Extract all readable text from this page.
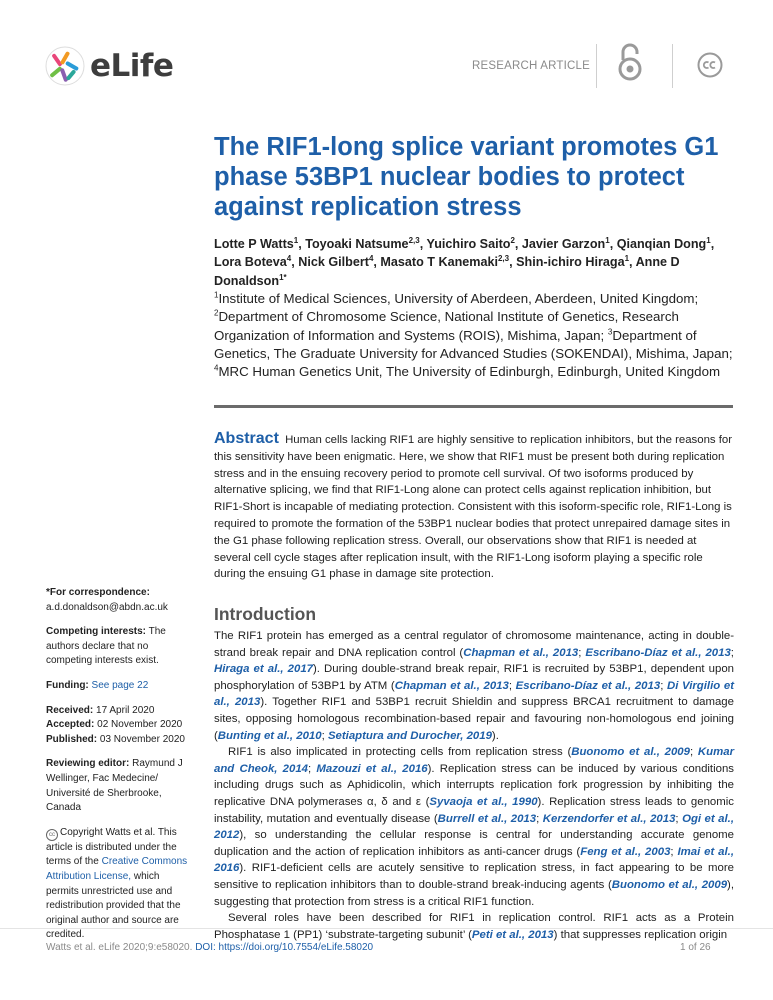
eLife	RESEARCH ARTICLE
The RIF1-long splice variant promotes G1 phase 53BP1 nuclear bodies to protect against replication stress
Lotte P Watts$^1$, Toyoaki Natsume$^{2,3}$, Yuichiro Saito$^2$, Javier Garzon$^1$, Qianqian Dong$^1$, Lora Boteva$^4$, Nick Gilbert$^4$, Masato T Kanemaki$^{2,3}$, Shin-ichiro Hiraga$^1$, Anne D Donaldson$^{1*}$
$^1$Institute of Medical Sciences, University of Aberdeen, Aberdeen, United Kingdom; $^2$Department of Chromosome Science, National Institute of Genetics, Research Organization of Information and Systems (ROIS), Mishima, Japan; $^3$Department of Genetics, The Graduate University for Advanced Studies (SOKENDAI), Mishima, Japan; $^4$MRC Human Genetics Unit, The University of Edinburgh, Edinburgh, United Kingdom
Abstract Human cells lacking RIF1 are highly sensitive to replication inhibitors, but the reasons for this sensitivity have been enigmatic. Here, we show that RIF1 must be present both during replication stress and in the ensuing recovery period to promote cell survival. Of two isoforms produced by alternative splicing, we find that RIF1-Long alone can protect cells against replication inhibition, but RIF1-Short is incapable of mediating protection. Consistent with this isoform-specific role, RIF1-Long is required to promote the formation of the 53BP1 nuclear bodies that protect unrepaired damage sites in the G1 phase following replication stress. Overall, our observations show that RIF1 is needed at several cell cycle stages after replication insult, with the RIF1-Long isoform playing a specific role during the ensuing G1 phase in damage site protection.
*For correspondence:
a.d.donaldson@abdn.ac.uk
Competing interests: The authors declare that no competing interests exist.
Funding: See page 22
Received: 17 April 2020
Accepted: 02 November 2020
Published: 03 November 2020
Reviewing editor: Raymund J Wellinger, Fac Medecine/ Université de Sherbrooke, Canada
cc Copyright Watts et al. This article is distributed under the terms of the Creative Commons Attribution License, which permits unrestricted use and redistribution provided that the original author and source are credited.
Introduction

The RIF1 protein has emerged as a central regulator of chromosome maintenance, acting in double-strand break repair and DNA replication control (Chapman et al., 2013; Escribano-Díaz et al., 2013; Hiraga et al., 2017). During double-strand break repair, RIF1 is recruited by 53BP1, dependent upon phosphorylation of 53BP1 by ATM (Chapman et al., 2013; Escribano-Díaz et al., 2013; Di Virgilio et al., 2013). Together RIF1 and 53BP1 recruit Shieldin and suppress BRCA1 recruitment to damage sites, opposing homologous recombination-based repair and favouring non-homologous end joining (Bunting et al., 2010; Setiaptura and Durocher, 2019).

RIF1 is also implicated in protecting cells from replication stress (Buonomo et al., 2009; Kumar and Cheok, 2014; Mazouzi et al., 2016). Replication stress can be induced by various conditions including drugs such as Aphidicolin, which interrupts replication fork progression by inhibiting the replicative DNA polymerases α, δ and ε (Syvaoja et al., 1990). Replication stress leads to genomic instability, mutation and eventually disease (Burrell et al., 2013; Kerzendorfer et al., 2013; Ogi et al., 2012), so understanding the cellular response is central for understanding accurate genome duplication and the action of replication inhibitors as anti-cancer drugs (Feng et al., 2003; Imai et al., 2016). RIF1-deficient cells are acutely sensitive to replication stress, in fact appearing to be more sensitive to replication inhibitors than to double-strand break-inducing agents (Buonomo et al., 2009), suggesting that protection from stress is a critical RIF1 function.

Several roles have been described for RIF1 in replication control. RIF1 acts as a Protein Phosphatase 1 (PP1) ‘substrate-targeting subunit’ (Peti et al., 2013) that suppresses replication origin

Watts et al. eLife 2020;9:e58020. DOI: https://doi.org/10.7554/eLife.58020	1 of 26
